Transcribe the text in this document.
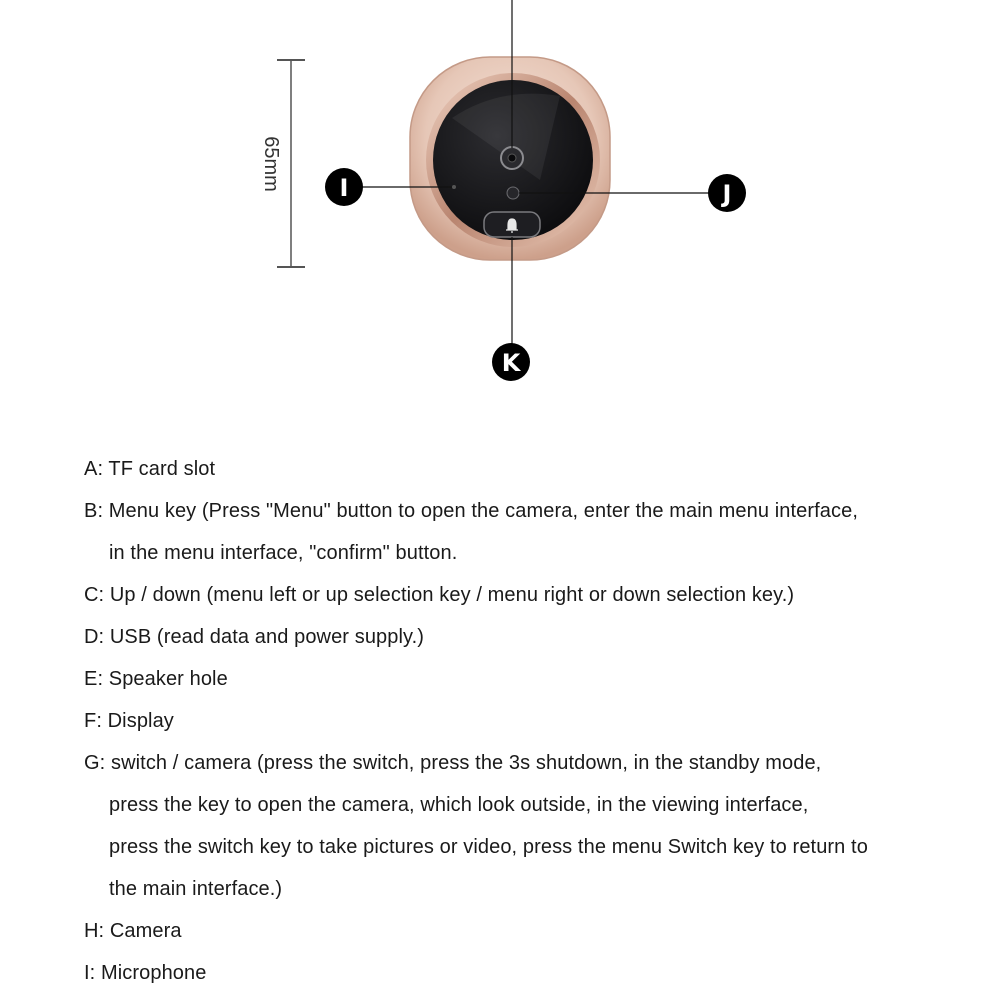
65mm I	J
K
A: TF card slot
B: Menu key (Press "Menu" button to open the camera, enter the main menu interface,
in the menu interface, "confirm" button.
C: Up / down (menu left or up selection key / menu right or down selection key.)
D: USB (read data and power supply.)
E: Speaker hole
F: Display
G: switch / camera (press the switch, press the 3s shutdown, in the standby mode,
press the key to open the camera, which look outside, in the viewing interface,
press the switch key to take pictures or video, press the menu Switch key to return to
the main interface.)
H: Camera
I: Microphone
